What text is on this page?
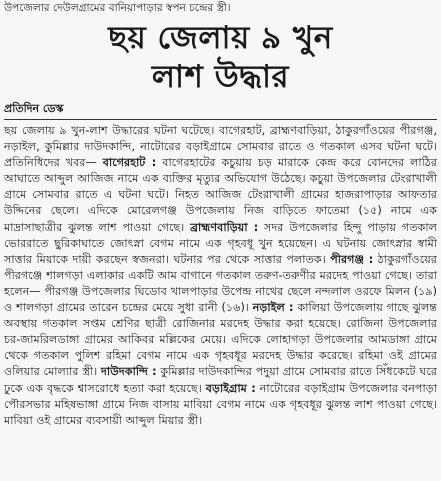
উপজেলার দেউলগ্রামের বানিয়াপাড়ার স্বপন চন্দ্রের স্ত্রী।
ছয় জেলায় ৯ খুন
লাশ উদ্ধার
প্রতিদিন ডেস্ক

ছয় জেলায় ৯ খুন-লাশ উদ্ধারের ঘটনা ঘটেছে। বাগেরহাট, ব্রাহ্মণবাড়িয়া, ঠাকুরগাঁওয়ের পীরগঞ্জ, নড়াইল, কুমিল্লার দাউদকান্দি, নাটোরের বড়াইগ্রামে সোমবার রাতে ও গতকাল এসব ঘটনা ঘটে। প্রতিনিধিদের খবর— বাগেরহাট : বাগেরহাটের কচুয়ায় চড় মারাকে কেন্দ্র করে বোনদের লাঠির আঘাতে আব্দুল আজিজ নামে এক ব্যক্তির মৃত্যুর অভিযোগ উঠেছে। কচুয়া উপজেলার টেংরাখালী গ্রামে সোমবার রাতে এ ঘটনা ঘটে। নিহত আজিজ টেংরাখালী গ্রামের হাজরাপাড়ার আফতার উদ্দিনের ছেলে। এদিকে মোরেলগঞ্জ উপজেলায় নিজ বাড়িতে ফাতেমা (১৫) নামে এক মাদ্রাসাছাত্রীর ঝুলন্ত লাশ পাওয়া গেছে। ব্রাহ্মণবাড়িয়া : সদর উপজেলার হিন্দু পাড়ায় গতকাল ভোররাতে ছুরিকাঘাতে জোৎস্না বেগম নামে এক গৃহবধূ খুন হয়েছেন। এ ঘটনায় জোৎস্নার স্বামী সাত্তার মিয়াকে দায়ী করছেন স্বজনরা। ঘটনার পর থেকে সাত্তার পলাতক। পীরগঞ্জ : ঠাকুরগাঁওয়ের পীরগঞ্জে শালগড়া এলাকার একটি আম বাগানে গতকাল তরুণ-তরুণীর মরদেহ পাওয়া গেছে। তারা হলেন— পীরগঞ্জ উপজেলার ঘিডোব খালপাড়ার উপেন্দ্র নাথের ছেলে নন্দলাল ওরফে মিলন (১৯) ও শালগড়া গ্রামের তারেন চন্দ্রের মেয়ে সুধা রানী (১৬)। নড়াইল : কালিয়া উপজেলায় গাছে ঝুলন্ত অবস্থায় গতকাল সপ্তম শ্রেণির ছাত্রী রোজিনার মরদেহ উদ্ধার করা হয়েছে। রোজিনা উপজেলার চর-জামরিলডাঙ্গা গ্রামের আকিবর মল্লিকের মেয়ে। এদিকে লোহাগড়া উপজেলার আমডাঙ্গা গ্রামে থেকে গতকাল পুলিশ রহিমা বেগম নামে এক গৃহবধূর মরদেহ উদ্ধার করেছে। রহিমা ওই গ্রামের ওলিয়ার মোল্যার স্ত্রী। দাউদকান্দি : কুমিল্লার দাউদকান্দির পদুয়া গ্রামে সোমবার রাতে সিঁধকেটে ঘরে ঢুকে এক বৃদ্ধকে শ্বাসরোধে হত্যা করা হয়েছে। বড়াইগ্রাম : নাটোরের বড়াইগ্রাম উপজেলার বনপাড়া পৌরসভার মহিষভাঙ্গা গ্রামে নিজ বাসায় মাবিয়া বেগম নামে এক গৃহবধূর ঝুলন্ত লাশ পাওয়া গেছে। মাবিয়া ওই গ্রামের ব্যবসায়ী আব্দুল মিয়ার স্ত্রী।
